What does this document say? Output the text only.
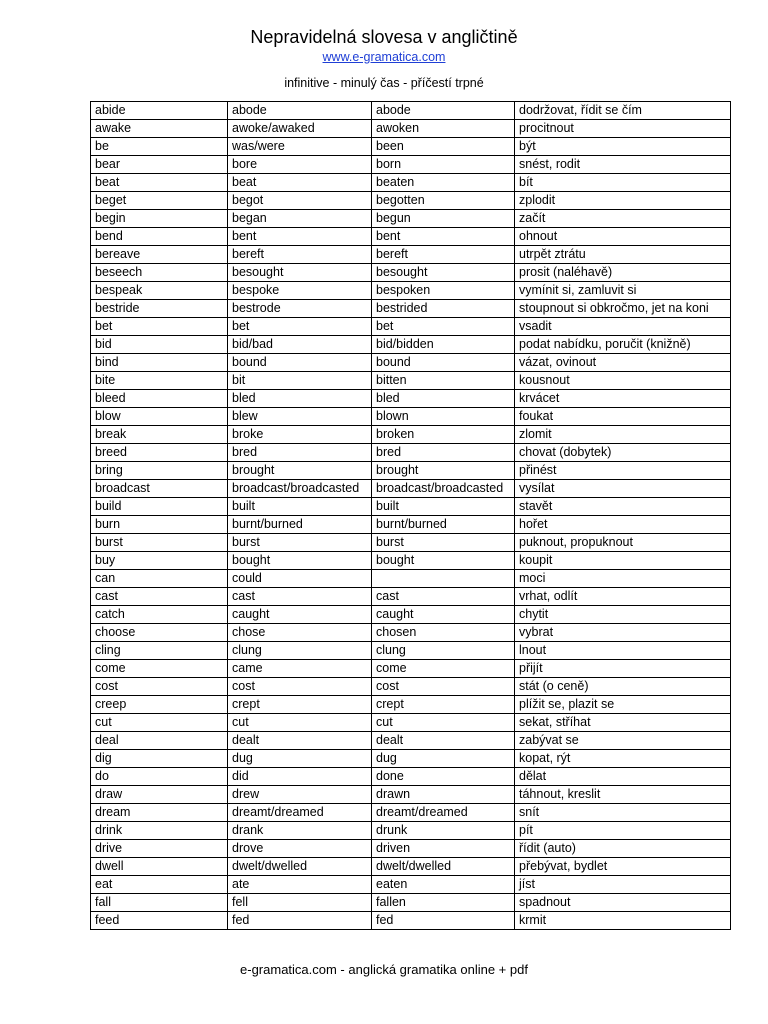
Nepravidelná slovesa v angličtině
www.e-gramatica.com
infinitive - minulý čas - příčestí trpné
abide	abode	abode	dodržovat, řídit se čím
awake	awoke/awaked	awoken	procitnout
be	was/were	been	být
bear	bore	born	snést, rodit
beat	beat	beaten	bít
beget	begot	begotten	zplodit
begin	began	begun	začít
bend	bent	bent	ohnout
bereave	bereft	bereft	utrpět ztrátu
beseech	besought	besought	prosit (naléhavě)
bespeak	bespoke	bespoken	vymínit si, zamluvit si
bestride	bestrode	bestrided	stoupnout si obkročmo, jet na koni
bet	bet	bet	vsadit
bid	bid/bad	bid/bidden	podat nabídku, poručit (knižně)
bind	bound	bound	vázat, ovinout
bite	bit	bitten	kousnout
bleed	bled	bled	krvácet
blow	blew	blown	foukat
break	broke	broken	zlomit
breed	bred	bred	chovat (dobytek)
bring	brought	brought	přinést
broadcast	broadcast/broadcasted	broadcast/broadcasted	vysílat
build	built	built	stavět
burn	burnt/burned	burnt/burned	hořet
burst	burst	burst	puknout, propuknout
buy	bought	bought	koupit
can	could		moci
cast	cast	cast	vrhat, odlít
catch	caught	caught	chytit
choose	chose	chosen	vybrat
cling	clung	clung	lnout
come	came	come	přijít
cost	cost	cost	stát (o ceně)
creep	crept	crept	plížit se, plazit se
cut	cut	cut	sekat, stříhat
deal	dealt	dealt	zabývat se
dig	dug	dug	kopat, rýt
do	did	done	dělat
draw	drew	drawn	táhnout, kreslit
dream	dreamt/dreamed	dreamt/dreamed	snít
drink	drank	drunk	pít
drive	drove	driven	řídit (auto)
dwell	dwelt/dwelled	dwelt/dwelled	přebývat, bydlet
eat	ate	eaten	jíst
fall	fell	fallen	spadnout
feed	fed	fed	krmit
e-gramatica.com - anglická gramatika online + pdf
